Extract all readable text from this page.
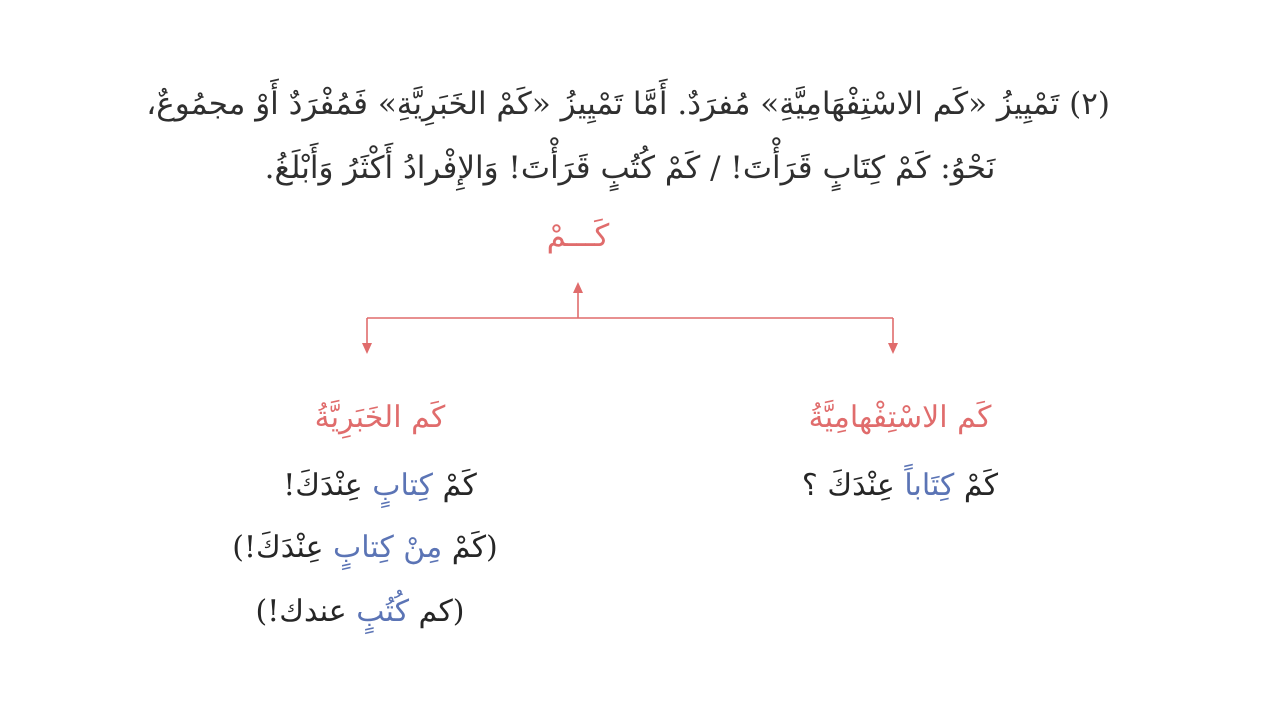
(٢) تَمْيِيزُ «كَم الاسْتِفْهَامِيَّةِ» مُفرَدٌ. أَمَّا تَمْيِيزُ «كَمْ الخَبَرِيَّةِ» فَمُفْرَدٌ أَوْ مجمُوعٌ،
نَحْوُ: كَمْ كِتَابٍ قَرَأْتَ! / كَمْ كُتُبٍ قَرَأْتَ! وَالإِفْرادُ أَكْثَرُ وَأَبْلَغُ.
كَـــمْ
كَم الخَبَرِيَّةُ	كَم الاسْتِفْهامِيَّةُ
كَمْ كِتَاباً عِنْدَكَ ؟
كَمْ كِتابٍ عِنْدَكَ!
(كَمْ مِنْ كِتابٍ عِنْدَكَ!)
(كم كُتُبٍ عندك!)
